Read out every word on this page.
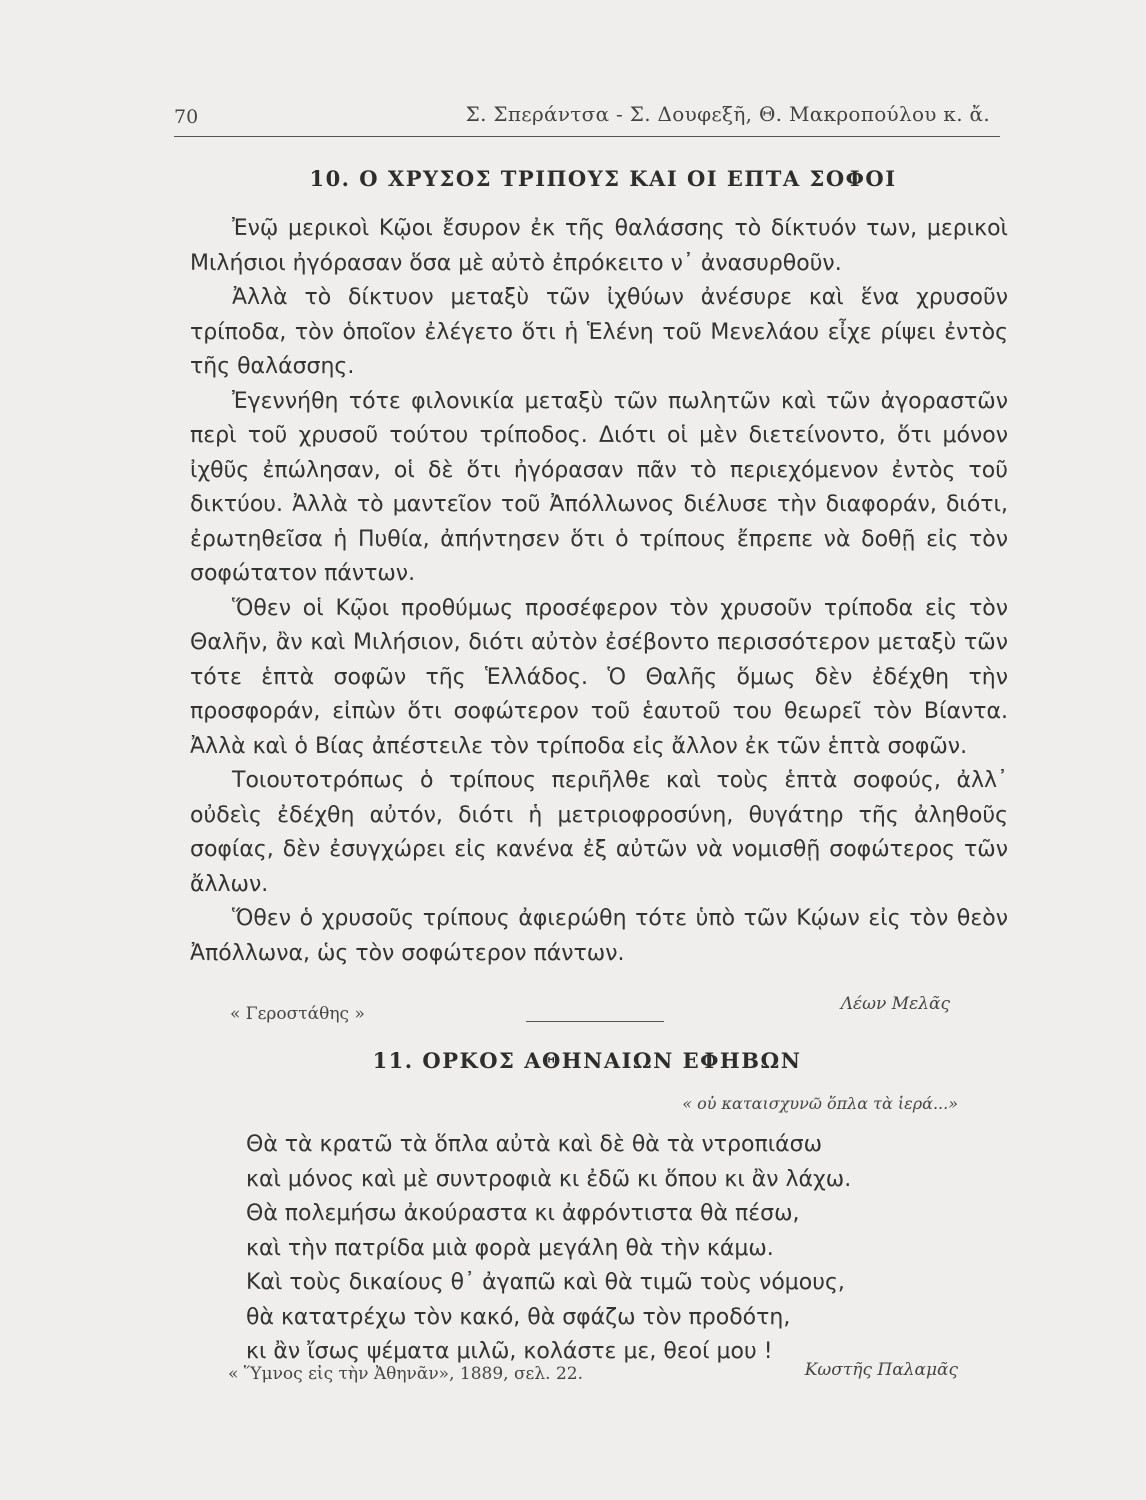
70	Σ. Σπεράντσα - Σ. Δουφεξῆ, Θ. Μακροπούλου κ. ἄ.
10. Ο ΧΡΥΣΟΣ ΤΡΙΠΟΥΣ ΚΑΙ ΟΙ ΕΠΤΑ ΣΟΦΟΙ

Ἐνῷ μερικοὶ Κῷοι ἔσυρον ἐκ τῆς θαλάσσης τὸ δίκτυόν των, μερικοὶ Μιλήσιοι ἠγόρασαν ὅσα μὲ αὐτὸ ἐπρόκειτο ν᾽ ἀνασυρθοῦν.

Ἀλλὰ τὸ δίκτυον μεταξὺ τῶν ἰχθύων ἀνέσυρε καὶ ἕνα χρυσοῦν τρίποδα, τὸν ὁποῖον ἐλέγετο ὅτι ἡ Ἑλένη τοῦ Μενελάου εἶχε ρίψει ἐντὸς τῆς θαλάσσης.

Ἐγεννήθη τότε φιλονικία μεταξὺ τῶν πωλητῶν καὶ τῶν ἀγοραστῶν περὶ τοῦ χρυσοῦ τούτου τρίποδος. Διότι οἱ μὲν διετείνοντο, ὅτι μόνον ἰχθῦς ἐπώλησαν, οἱ δὲ ὅτι ἠγόρασαν πᾶν τὸ περιεχόμενον ἐντὸς τοῦ δικτύου. Ἀλλὰ τὸ μαντεῖον τοῦ Ἀπόλλωνος διέλυσε τὴν διαφοράν, διότι, ἐρωτηθεῖσα ἡ Πυθία, ἀπήντησεν ὅτι ὁ τρίπους ἔπρεπε νὰ δοθῇ εἰς τὸν σοφώτατον πάντων.

Ὅθεν οἱ Κῷοι προθύμως προσέφερον τὸν χρυσοῦν τρίποδα εἰς τὸν Θαλῆν, ἂν καὶ Μιλήσιον, διότι αὐτὸν ἐσέβοντο περισσότερον μεταξὺ τῶν τότε ἑπτὰ σοφῶν τῆς Ἑλλάδος. Ὁ Θαλῆς ὅμως δὲν ἐδέχθη τὴν προσφοράν, εἰπὼν ὅτι σοφώτερον τοῦ ἑαυτοῦ του θεωρεῖ τὸν Βίαντα. Ἀλλὰ καὶ ὁ Βίας ἀπέστειλε τὸν τρίποδα εἰς ἄλλον ἐκ τῶν ἑπτὰ σοφῶν.

Τοιουτοτρόπως ὁ τρίπους περιῆλθε καὶ τοὺς ἑπτὰ σοφούς, ἀλλ᾽ οὐδεὶς ἐδέχθη αὐτόν, διότι ἡ μετριοφροσύνη, θυγάτηρ τῆς ἀληθοῦς σοφίας, δὲν ἐσυγχώρει εἰς κανένα ἐξ αὐτῶν νὰ νομισθῇ σοφώτερος τῶν ἄλλων.

Ὅθεν ὁ χρυσοῦς τρίπους ἀφιερώθη τότε ὑπὸ τῶν Κῴων εἰς τὸν θεὸν Ἀπόλλωνα, ὡς τὸν σοφώτερον πάντων.

Λέων Μελᾶς
« Γεροστάθης »
11. ΟΡΚΟΣ ΑΘΗΝΑΙΩΝ ΕΦΗΒΩΝ
« οὐ καταισχυνῶ ὅπλα τὰ ἱερά...»
Θὰ τὰ κρατῶ τὰ ὅπλα αὐτὰ καὶ δὲ θὰ τὰ ντροπιάσω
καὶ μόνος καὶ μὲ συντροφιὰ κι ἐδῶ κι ὅπου κι ἂν λάχω.
Θὰ πολεμήσω ἀκούραστα κι ἀφρόντιστα θὰ πέσω,
καὶ τὴν πατρίδα μιὰ φορὰ μεγάλη θὰ τὴν κάμω.
Καὶ τοὺς δικαίους θ᾽ ἀγαπῶ καὶ θὰ τιμῶ τοὺς νόμους,
θὰ κατατρέχω τὸν κακό, θὰ σφάζω τὸν προδότη,
κι ἂν ἴσως ψέματα μιλῶ, κολάστε με, θεοί μου !
« Ὕμνος εἰς τὴν Ἀθηνᾶν», 1889, σελ. 22.	Κωστῆς Παλαμᾶς
